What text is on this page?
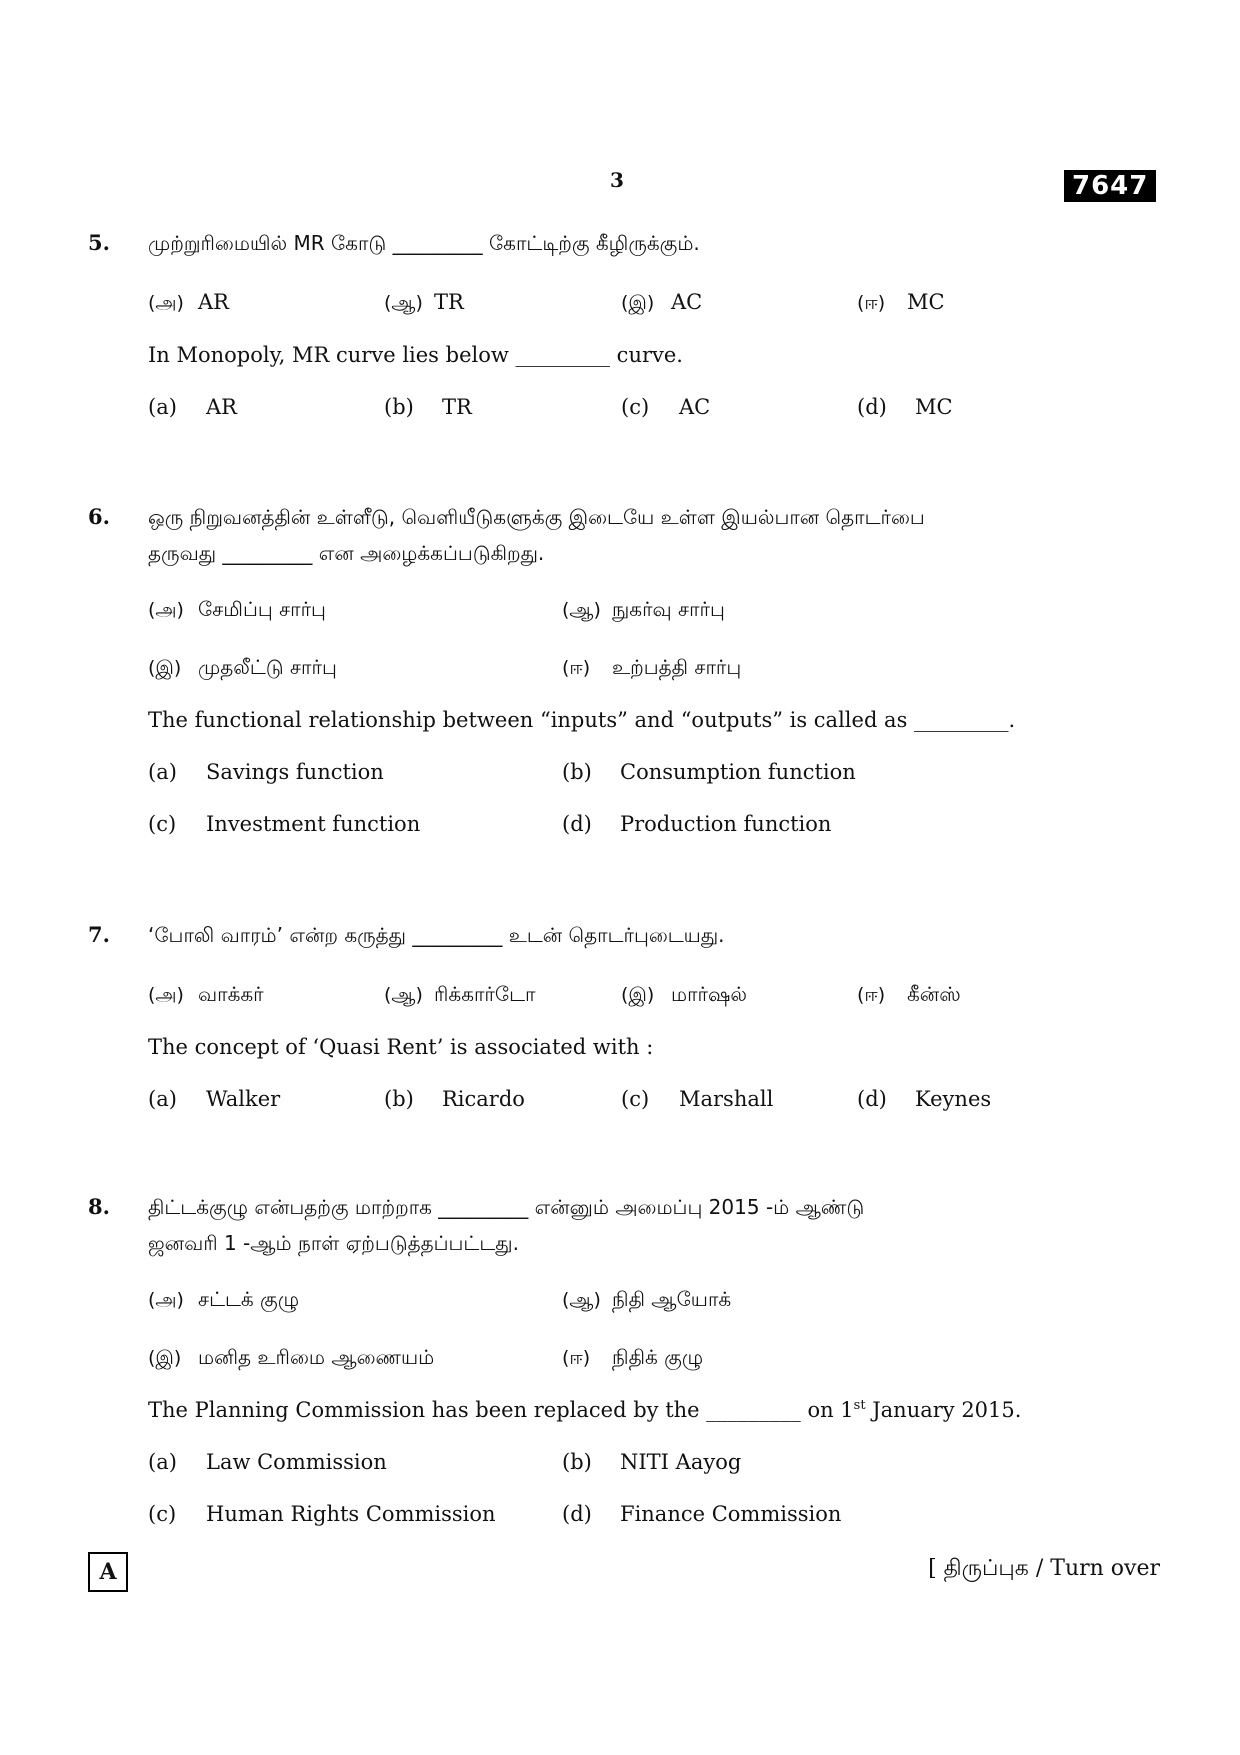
3	7647
5. முற்றுரிமையில் MR கோடு _________ கோட்டிற்கு கீழிருக்கும்.
(அ) AR	(ஆ) TR	(இ) AC	(ஈ) MC
In Monopoly, MR curve lies below _________ curve.
(a) AR	(b) TR	(c) AC	(d) MC
6. ஒரு நிறுவனத்தின் உள்ளீடு, வெளியீடுகளுக்கு இடையே உள்ள இயல்பான தொடர்பை
தருவது _________ என அழைக்கப்படுகிறது.
(அ) சேமிப்பு சார்பு	(ஆ) நுகர்வு சார்பு
(இ) முதலீட்டு சார்பு	(ஈ) உற்பத்தி சார்பு
The functional relationship between “inputs” and “outputs” is called as _________.
(a) Savings function	(b) Consumption function
(c) Investment function	(d) Production function
7. ‘போலி வாரம்’ என்ற கருத்து _________ உடன் தொடர்புடையது.
(அ) வாக்கர்	(ஆ) ரிக்கார்டோ	(இ) மார்ஷல்	(ஈ) கீன்ஸ்
The concept of ‘Quasi Rent’ is associated with :
(a) Walker	(b) Ricardo	(c) Marshall	(d) Keynes
8. திட்டக்குழு என்பதற்கு மாற்றாக _________ என்னும் அமைப்பு 2015 -ம் ஆண்டு
ஜனவரி 1 -ஆம் நாள் ஏற்படுத்தப்பட்டது.
(அ) சட்டக் குழு	(ஆ) நிதி ஆயோக்
(இ) மனித உரிமை ஆணையம்	(ஈ) நிதிக் குழு
The Planning Commission has been replaced by the _________ on 1st January 2015.
(a) Law Commission	(b) NITI Aayog
(c) Human Rights Commission	(d) Finance Commission
A	[ திருப்புக / Turn over
